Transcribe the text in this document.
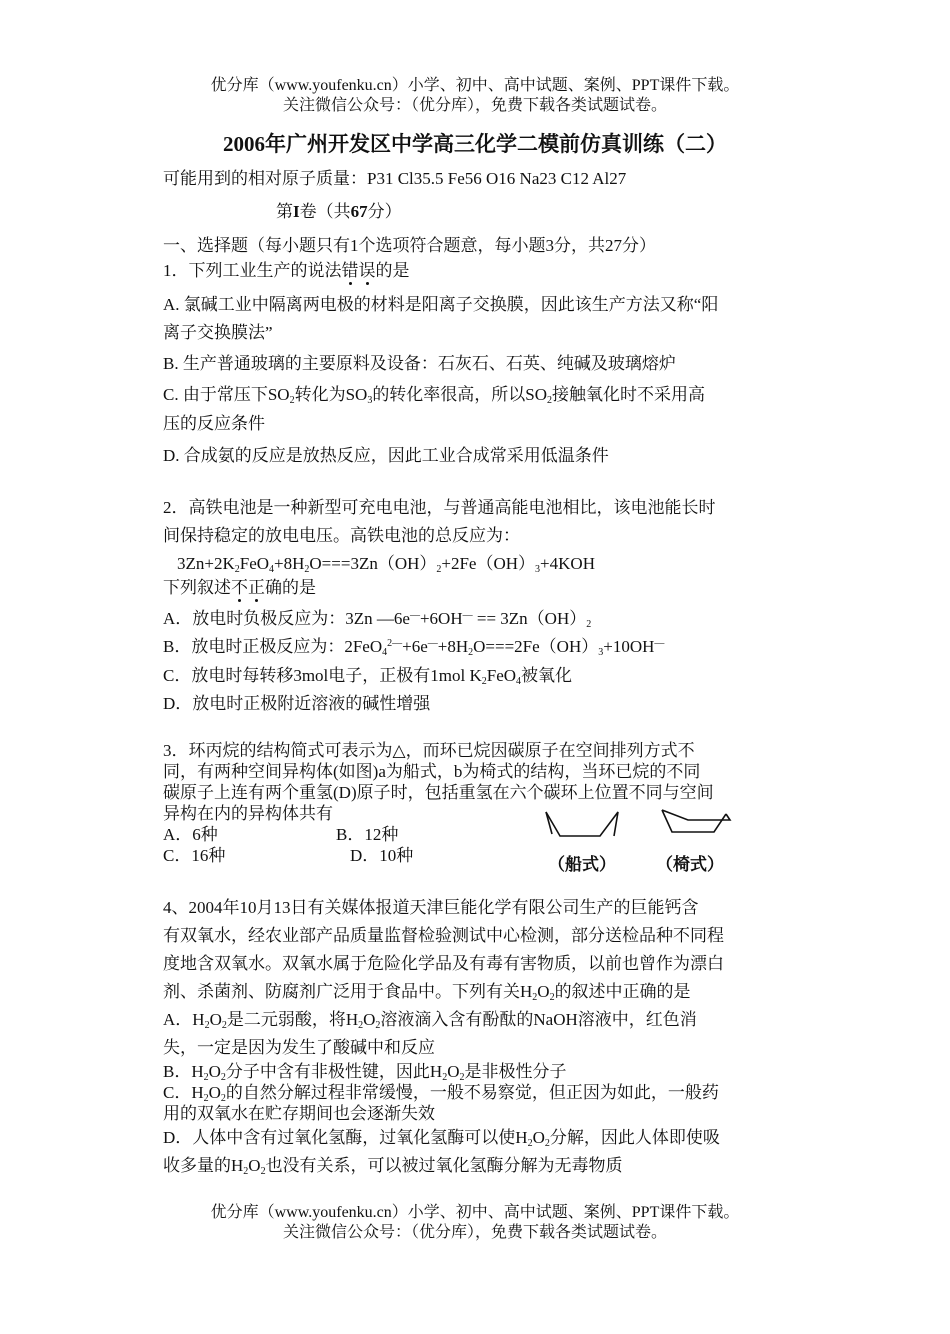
优分库（www.youfenku.cn）小学、初中、高中试题、案例、PPT课件下载。
关注微信公众号：（优分库），免费下载各类试题试卷。
2006年广州开发区中学高三化学二模前仿真训练（二）
可能用到的相对原子质量：P31 Cl35.5 Fe56 O16 Na23 C12 Al27
第I卷（共67分）
一、选择题（每小题只有1个选项符合题意，每小题3分，共27分）
1．下列工业生产的说法错误的是
A. 氯碱工业中隔离两电极的材料是阳离子交换膜，因此该生产方法又称“阳
离子交换膜法”
B. 生产普通玻璃的主要原料及设备：石灰石、石英、纯碱及玻璃熔炉
C. 由于常压下$SO_2$转化为$SO_3$的转化率很高，所以$SO_2$接触氧化时不采用高
压的反应条件
D. 合成氨的反应是放热反应，因此工业合成常采用低温条件
2．高铁电池是一种新型可充电电池，与普通高能电池相比，该电池能长时
间保持稳定的放电电压。高铁电池的总反应为：
$3Zn+2K_2FeO_4+8H_2O===3Zn(OH)_2+2Fe(OH)_3+4KOH$
下列叙述不正确的是
A．放电时负极反应为：3Zn —6e—+6OH— == $3Zn(OH)_2$
B．放电时正极反应为：$2FeO_4^{2—}+6e^—+8H_2O===2Fe(OH)_3+10OH^—$
C．放电时每转移3mol电子，正极有1mol $K_2FeO_4$被氧化
D．放电时正极附近溶液的碱性增强
3．环丙烷的结构简式可表示为△，而环已烷因碳原子在空间排列方式不
同，有两种空间异构体(如图)a为船式，b为椅式的结构，当环已烷的不同
碳原子上连有两个重氢(D)原子时，包括重氢在六个碳环上位置不同与空间
异构在内的异构体共有
A．6种	B．12种
C．16种	D．10种	（船式） （椅式）
4、2004年10月13日有关媒体报道天津巨能化学有限公司生产的巨能钙含
有双氧水，经农业部产品质量监督检验测试中心检测，部分送检品种不同程
度地含双氧水。双氧水属于危险化学品及有毒有害物质，以前也曾作为漂白
剂、杀菌剂、防腐剂广泛用于食品中。下列有关$H_2O_2$的叙述中正确的是
A．$H_2O_2$是二元弱酸，将$H_2O_2$溶液滴入含有酚酞的NaOH溶液中，红色消
失，一定是因为发生了酸碱中和反应
B．$H_2O_2$分子中含有非极性键，因此$H_2O_2$是非极性分子
C．$H_2O_2$的自然分解过程非常缓慢，一般不易察觉，但正因为如此，一般药
用的双氧水在贮存期间也会逐渐失效
D．人体中含有过氧化氢酶，过氧化氢酶可以使$H_2O_2$分解，因此人体即使吸
收多量的$H_2O_2$也没有关系，可以被过氧化氢酶分解为无毒物质
优分库（www.youfenku.cn）小学、初中、高中试题、案例、PPT课件下载。
关注微信公众号：（优分库），免费下载各类试题试卷。
